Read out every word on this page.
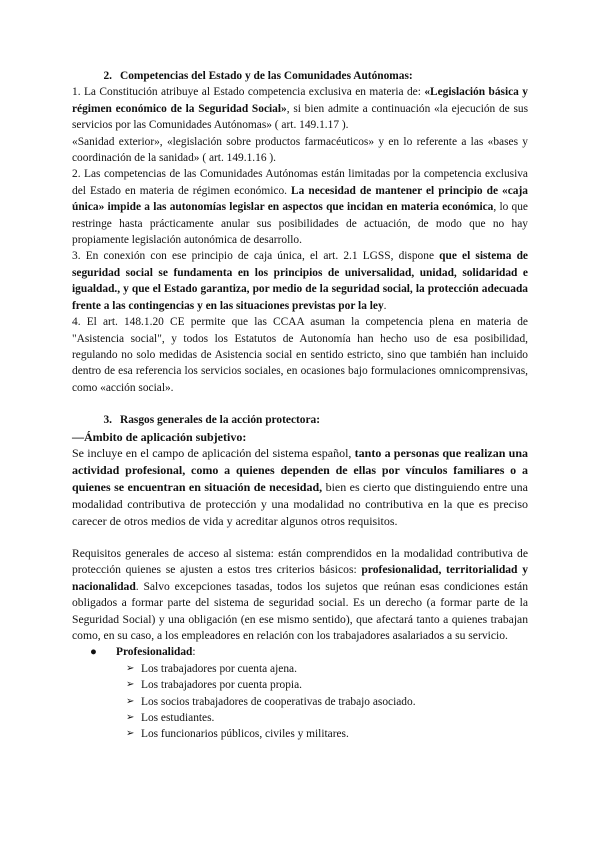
2. Competencias del Estado y de las Comunidades Autónomas:

1. La Constitución atribuye al Estado competencia exclusiva en materia de: «Legislación básica y régimen económico de la Seguridad Social», si bien admite a continuación «la ejecución de sus servicios por las Comunidades Autónomas» ( art. 149.1.17 ).

«Sanidad exterior», «legislación sobre productos farmacéuticos» y en lo referente a las «bases y coordinación de la sanidad» ( art. 149.1.16 ).

2. Las competencias de las Comunidades Autónomas están limitadas por la competencia exclusiva del Estado en materia de régimen económico. La necesidad de mantener el principio de «caja única» impide a las autonomías legislar en aspectos que incidan en materia económica, lo que restringe hasta prácticamente anular sus posibilidades de actuación, de modo que no hay propiamente legislación autonómica de desarrollo.

3. En conexión con ese principio de caja única, el art. 2.1 LGSS, dispone que el sistema de seguridad social se fundamenta en los principios de universalidad, unidad, solidaridad e igualdad., y que el Estado garantiza, por medio de la seguridad social, la protección adecuada frente a las contingencias y en las situaciones previstas por la ley.

4. El art. 148.1.20 CE permite que las CCAA asuman la competencia plena en materia de "Asistencia social", y todos los Estatutos de Autonomía han hecho uso de esa posibilidad, regulando no solo medidas de Asistencia social en sentido estricto, sino que también han incluido dentro de esa referencia los servicios sociales, en ocasiones bajo formulaciones omnicomprensivas, como «acción social».

3. Rasgos generales de la acción protectora:

—Ámbito de aplicación subjetivo:

Se incluye en el campo de aplicación del sistema español, tanto a personas que realizan una actividad profesional, como a quienes dependen de ellas por vínculos familiares o a quienes se encuentran en situación de necesidad, bien es cierto que distinguiendo entre una modalidad contributiva de protección y una modalidad no contributiva en la que es preciso carecer de otros medios de vida y acreditar algunos otros requisitos.

Requisitos generales de acceso al sistema: están comprendidos en la modalidad contributiva de protección quienes se ajusten a estos tres criterios básicos: profesionalidad, territorialidad y nacionalidad. Salvo excepciones tasadas, todos los sujetos que reúnan esas condiciones están obligados a formar parte del sistema de seguridad social. Es un derecho (a formar parte de la Seguridad Social) y una obligación (en ese mismo sentido), que afectará tanto a quienes trabajan como, en su caso, a los empleadores en relación con los trabajadores asalariados a su servicio.

● Profesionalidad:

➢ Los trabajadores por cuenta ajena.
➢ Los trabajadores por cuenta propia.
➢ Los socios trabajadores de cooperativas de trabajo asociado.
➢ Los estudiantes.
➢ Los funcionarios públicos, civiles y militares.
